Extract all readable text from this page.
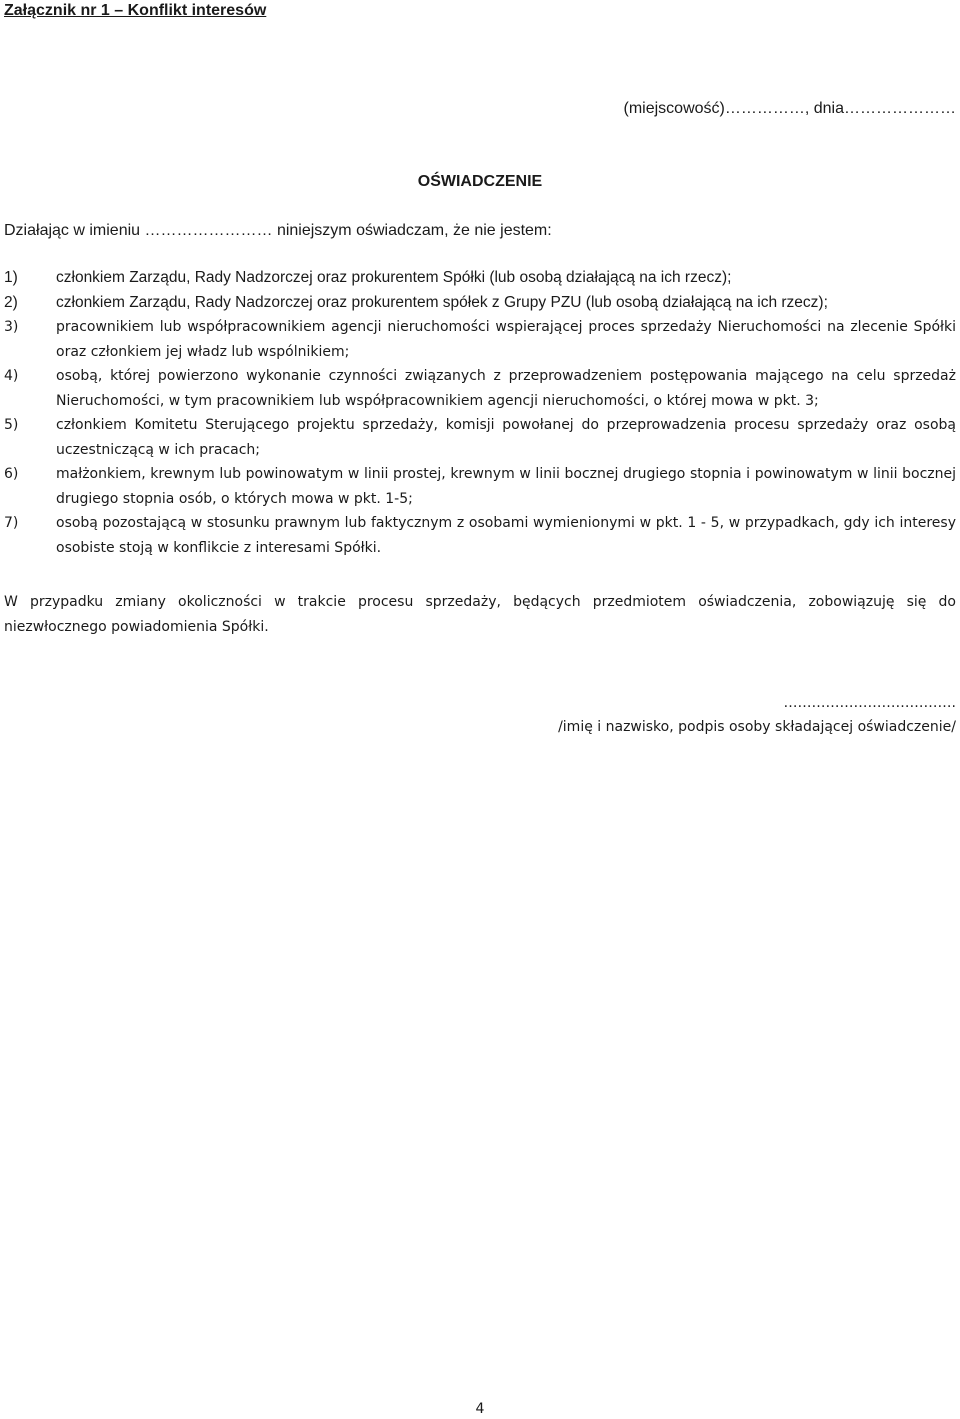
Załącznik nr 1 – Konflikt interesów
(miejscowość)……………, dnia…………………
OŚWIADCZENIE
Działając w imieniu …………………… niniejszym oświadczam, że nie jestem:
1) członkiem Zarządu, Rady Nadzorczej oraz prokurentem Spółki (lub osobą działającą na ich rzecz);
2) członkiem Zarządu, Rady Nadzorczej oraz prokurentem spółek z Grupy PZU (lub osobą działającą na ich rzecz);
3)	pracownikiem lub współpracownikiem agencji nieruchomości wspierającej proces sprzedaży Nieruchomości na zlecenie Spółki oraz członkiem jej władz lub wspólnikiem;
4)	osobą, której powierzono wykonanie czynności związanych z przeprowadzeniem postępowania mającego na celu sprzedaż Nieruchomości, w tym pracownikiem lub współpracownikiem agencji nieruchomości, o której mowa w pkt. 3;
5)	członkiem Komitetu Sterującego projektu sprzedaży, komisji powołanej do przeprowadzenia procesu sprzedaży oraz osobą uczestniczącą w ich pracach;
6)	małżonkiem, krewnym lub powinowatym w linii prostej, krewnym w linii bocznej drugiego stopnia i powinowatym w linii bocznej drugiego stopnia osób, o których mowa w pkt. 1-5;
7)	osobą pozostającą w stosunku prawnym lub faktycznym z osobami wymienionymi w pkt. 1 - 5, w przypadkach, gdy ich interesy osobiste stoją w konflikcie z interesami Spółki.
W przypadku zmiany okoliczności w trakcie procesu sprzedaży, będących przedmiotem oświadczenia, zobowiązuję się do niezwłocznego powiadomienia Spółki.
……………………………….
/imię i nazwisko, podpis osoby składającej oświadczenie/
4
